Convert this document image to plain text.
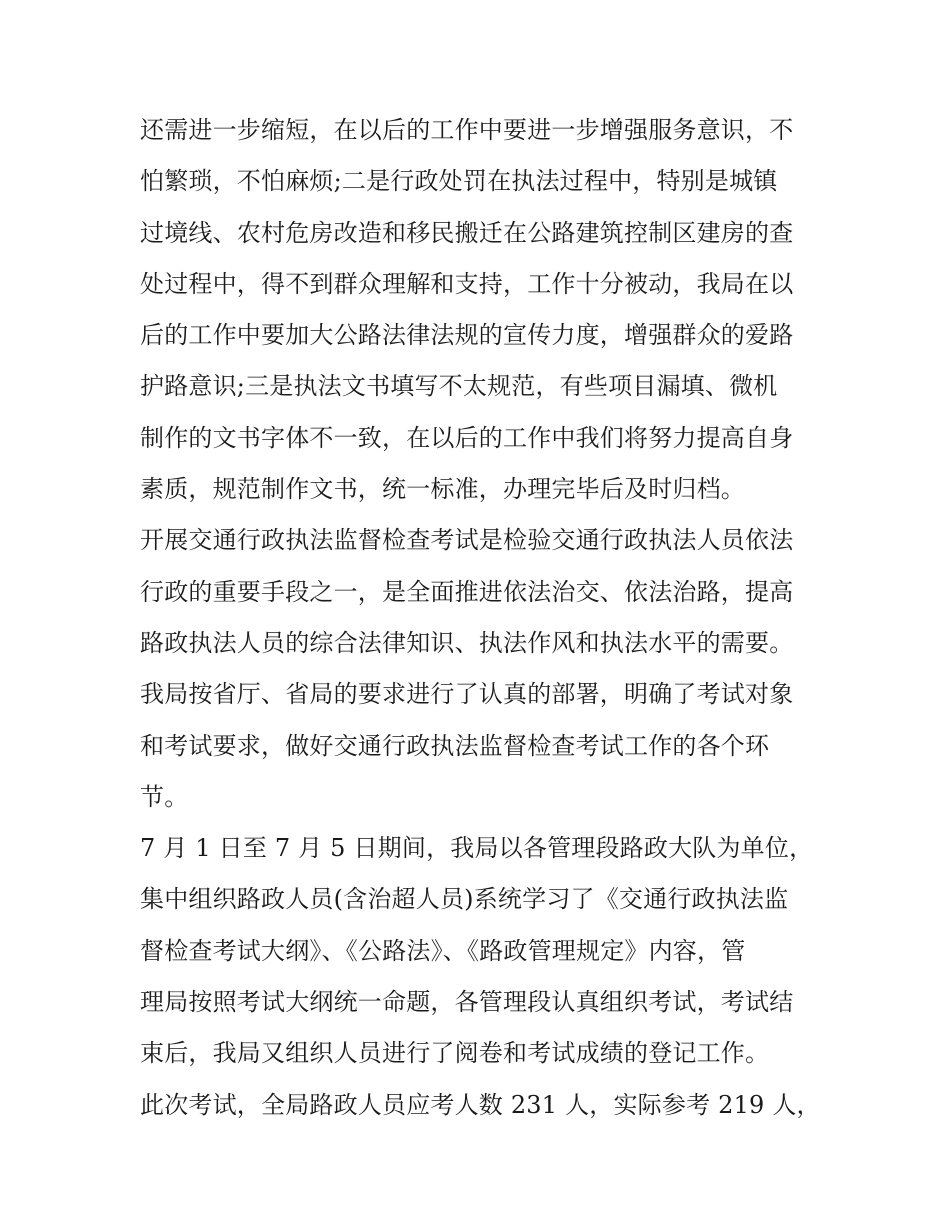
还需进一步缩短，在以后的工作中要进一步增强服务意识，不
怕繁琐，不怕麻烦;二是行政处罚在执法过程中，特别是城镇
过境线、农村危房改造和移民搬迁在公路建筑控制区建房的查
处过程中，得不到群众理解和支持，工作十分被动，我局在以
后的工作中要加大公路法律法规的宣传力度，增强群众的爱路
护路意识;三是执法文书填写不太规范，有些项目漏填、微机
制作的文书字体不一致，在以后的工作中我们将努力提高自身
素质，规范制作文书，统一标准，办理完毕后及时归档。
开展交通行政执法监督检查考试是检验交通行政执法人员依法
行政的重要手段之一，是全面推进依法治交、依法治路，提高
路政执法人员的综合法律知识、执法作风和执法水平的需要。
我局按省厅、省局的要求进行了认真的部署，明确了考试对象
和考试要求，做好交通行政执法监督检查考试工作的各个环
节。
7 月 1 日至 7 月 5 日期间，我局以各管理段路政大队为单位，
集中组织路政人员(含治超人员)系统学习了《交通行政执法监
督检查考试大纲》、《公路法》、《路政管理规定》内容，管
理局按照考试大纲统一命题，各管理段认真组织考试，考试结
束后，我局又组织人员进行了阅卷和考试成绩的登记工作。
此次考试，全局路政人员应考人数 231 人，实际参考 219 人，
